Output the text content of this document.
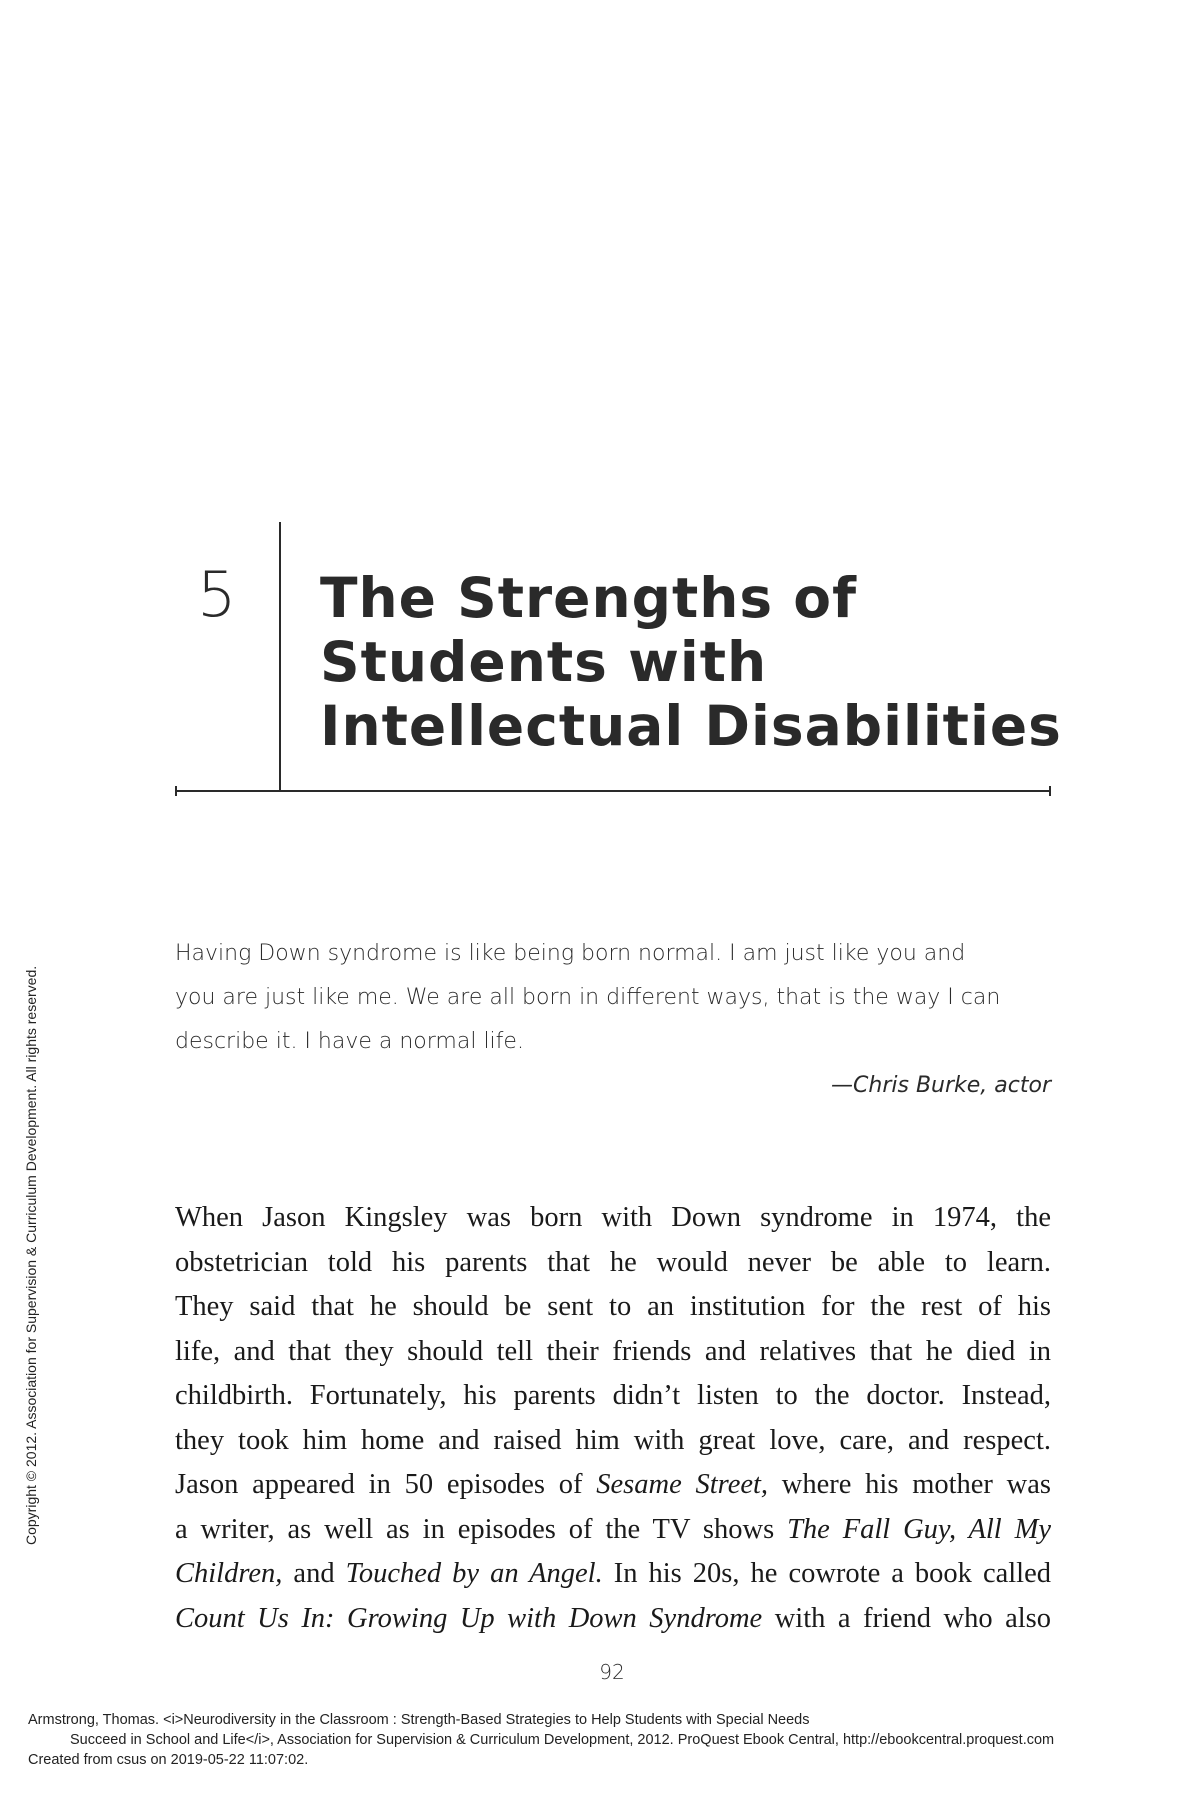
5 The Strengths of
Students with
Intellectual Disabilities

Having Down syndrome is like being born normal. I am just like you and
you are just like me. We are all born in different ways, that is the way I can
describe it. I have a normal life.

—Chris Burke, actor

When Jason Kingsley was born with Down syndrome in 1974, the
obstetrician told his parents that he would never be able to learn.
They said that he should be sent to an institution for the rest of his
life, and that they should tell their friends and relatives that he died in
childbirth. Fortunately, his parents didn’t listen to the doctor. Instead,
they took him home and raised him with great love, care, and respect.
Jason appeared in 50 episodes of Sesame Street, where his mother was
a writer, as well as in episodes of the TV shows The Fall Guy, All My
Children, and Touched by an Angel. In his 20s, he cowrote a book called
Count Us In: Growing Up with Down Syndrome with a friend who also

92
Copyright © 2012. Association for Supervision & Curriculum Development. All rights reserved.
Armstrong, Thomas. <i>Neurodiversity in the Classroom : Strength-Based Strategies to Help Students with Special Needs
Succeed in School and Life</i>, Association for Supervision & Curriculum Development, 2012. ProQuest Ebook Central, http://ebookcentral.proquest.com
Created from csus on 2019-05-22 11:07:02.
